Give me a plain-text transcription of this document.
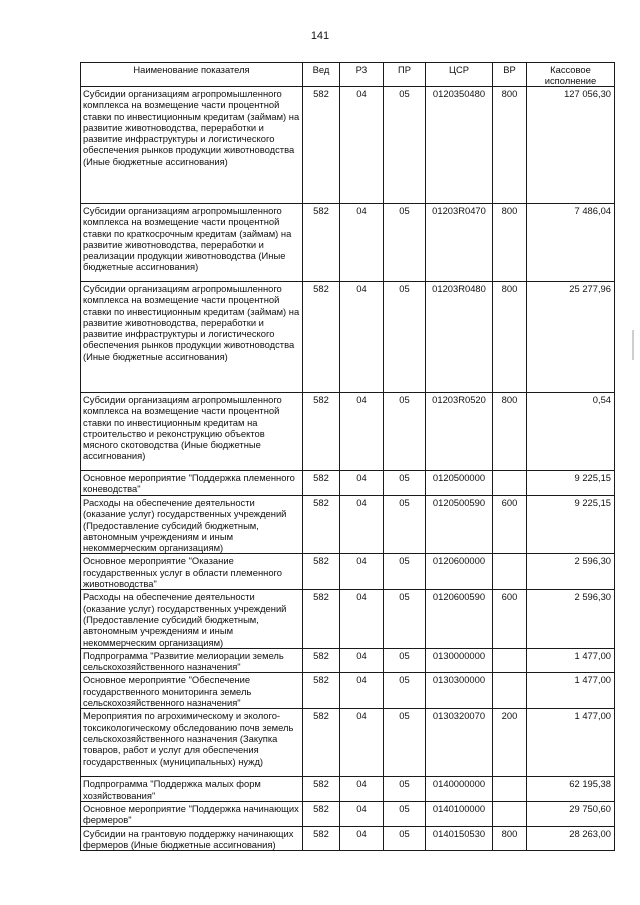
141
Наименование показателя	Вед	РЗ	ПР	ЦСР	ВР	Кассовое исполнение
Субсидии организациям агропромышленного комплекса на возмещение части процентной ставки по инвестиционным кредитам (займам) на развитие животноводства, переработки и развитие инфраструктуры и логистического обеспечения рынков продукции животноводства (Иные бюджетные ассигнования)	582	04	05	0120350480	800	127 056,30
Субсидии организациям агропромышленного комплекса на возмещение части процентной ставки по краткосрочным кредитам (займам) на развитие животноводства, переработки и реализации продукции животноводства (Иные бюджетные ассигнования)	582	04	05	01203R0470	800	7 486,04
Субсидии организациям агропромышленного комплекса на возмещение части процентной ставки по инвестиционным кредитам (займам) на развитие животноводства, переработки и развитие инфраструктуры и логистического обеспечения рынков продукции животноводства (Иные бюджетные ассигнования)	582	04	05	01203R0480	800	25 277,96
Субсидии организациям агропромышленного комплекса на возмещение части процентной ставки по инвестиционным кредитам на строительство и реконструкцию объектов мясного скотоводства (Иные бюджетные ассигнования)	582	04	05	01203R0520	800	0,54
Основное мероприятие "Поддержка племенного коневодства"	582	04	05	0120500000		9 225,15
Расходы на обеспечение деятельности (оказание услуг) государственных учреждений (Предоставление субсидий бюджетным, автономным учреждениям и иным некоммерческим организациям)	582	04	05	0120500590	600	9 225,15
Основное мероприятие "Оказание государственных услуг в области племенного животноводства"	582	04	05	0120600000		2 596,30
Расходы на обеспечение деятельности (оказание услуг) государственных учреждений (Предоставление субсидий бюджетным, автономным учреждениям и иным некоммерческим организациям)	582	04	05	0120600590	600	2 596,30
Подпрограмма "Развитие мелиорации земель сельскохозяйственного назначения"	582	04	05	0130000000		1 477,00
Основное мероприятие "Обеспечение государственного мониторинга земель сельскохозяйственного назначения"	582	04	05	0130300000		1 477,00
Мероприятия по агрохимическому и эколого-токсикологическому обследованию почв земель сельскохозяйственного назначения (Закупка товаров, работ и услуг для обеспечения государственных (муниципальных) нужд)	582	04	05	0130320070	200	1 477,00
Подпрограмма "Поддержка малых форм хозяйствования"	582	04	05	0140000000		62 195,38
Основное мероприятие "Поддержка начинающих фермеров"	582	04	05	0140100000		29 750,60
Субсидии на грантовую поддержку начинающих фермеров (Иные бюджетные ассигнования)	582	04	05	0140150530	800	28 263,00
